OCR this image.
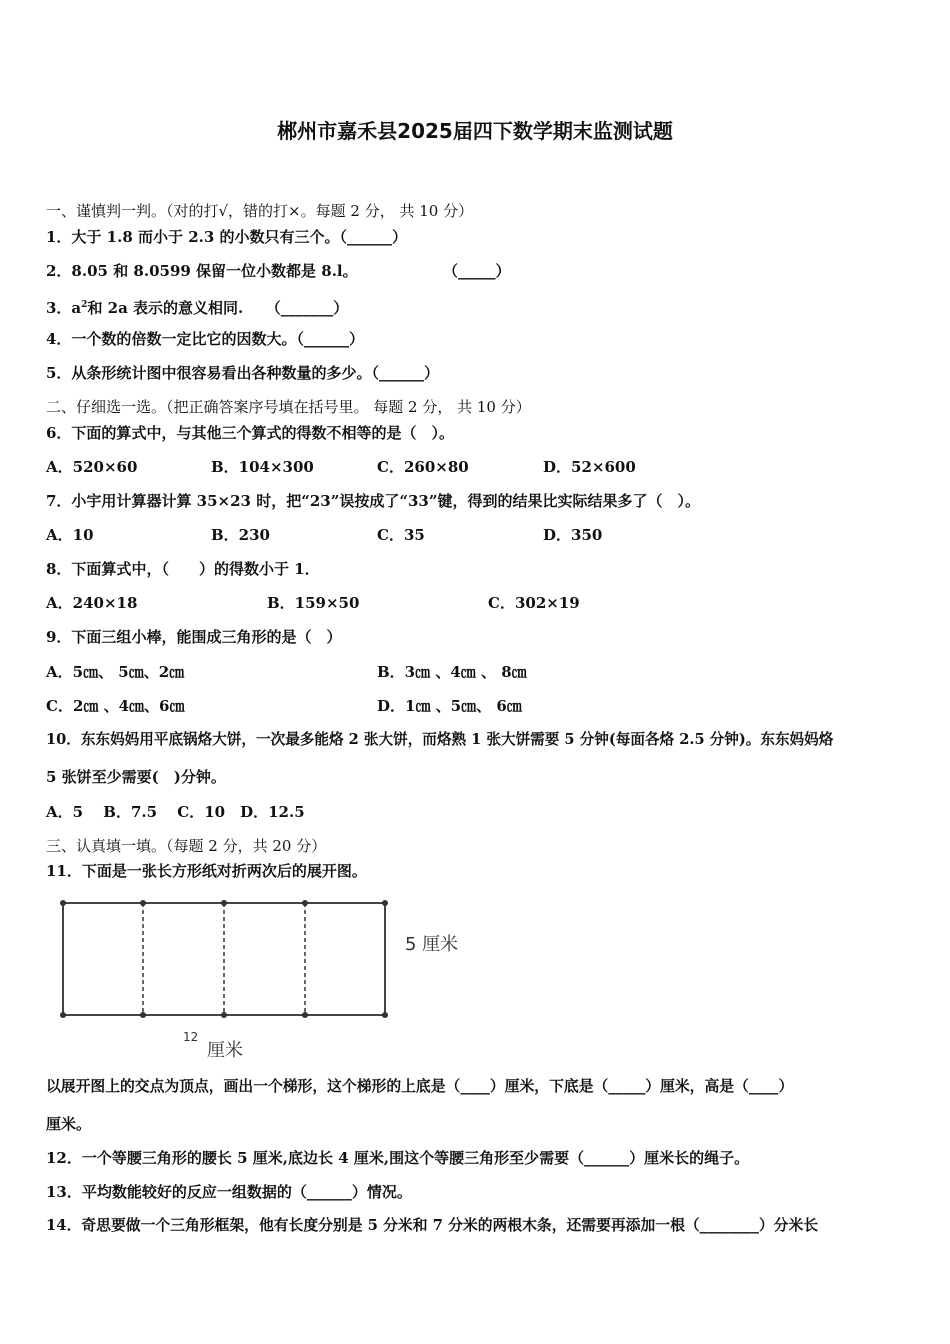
郴州市嘉禾县2025届四下数学期末监测试题
一、谨慎判一判。（对的打√，错的打×。每题 2 分， 共 10 分）
1．大于 1.8 而小于 2.3 的小数只有三个。（______）
2．8.05 和 8.0599 保留一位小数都是 8.l。	（_____）
3．$a^2$和 2a 表示的意义相同.　　（_______）
4．一个数的倍数一定比它的因数大。（______）
5．从条形统计图中很容易看出各种数量的多少。（______）
二、仔细选一选。（把正确答案序号填在括号里。 每题 2 分， 共 10 分）
6．下面的算式中，与其他三个算式的得数不相等的是（　）。
A．520×60	B．104×300	C．260×80	D．52×600
7．小宇用计算器计算 35×23 时，把“23”误按成了“33”键，得到的结果比实际结果多了（　）。
A．10	B．230	C．35	D．350
8．下面算式中，（　　）的得数小于 1．
A．240×18	B．159×50	C．302×19
9．下面三组小棒，能围成三角形的是（　）
A．5㎝、 5㎝、2㎝	B．3㎝ 、4㎝ 、 8㎝
C．2㎝ 、4㎝、6㎝	D．1㎝ 、5㎝、 6㎝
10．东东妈妈用平底锅烙大饼，一次最多能烙 2 张大饼，而烙熟 1 张大饼需要 5 分钟(每面各烙 2.5 分钟)。东东妈妈烙
5 张饼至少需要(　)分钟。
A．5　 B．7.5　 C．10　D．12.5
三、认真填一填。（每题 2 分，共 20 分）
11．下面是一张长方形纸对折两次后的展开图。
5 厘米
12
厘米
以展开图上的交点为顶点，画出一个梯形，这个梯形的上底是（____）厘米，下底是（_____）厘米，高是（____）
厘米。
12．一个等腰三角形的腰长 5 厘米,底边长 4 厘米,围这个等腰三角形至少需要（______）厘米长的绳子。
13．平均数能较好的反应一组数据的（______）情况。
14．奇思要做一个三角形框架，他有长度分别是 5 分米和 7 分米的两根木条，还需要再添加一根（________）分米长
